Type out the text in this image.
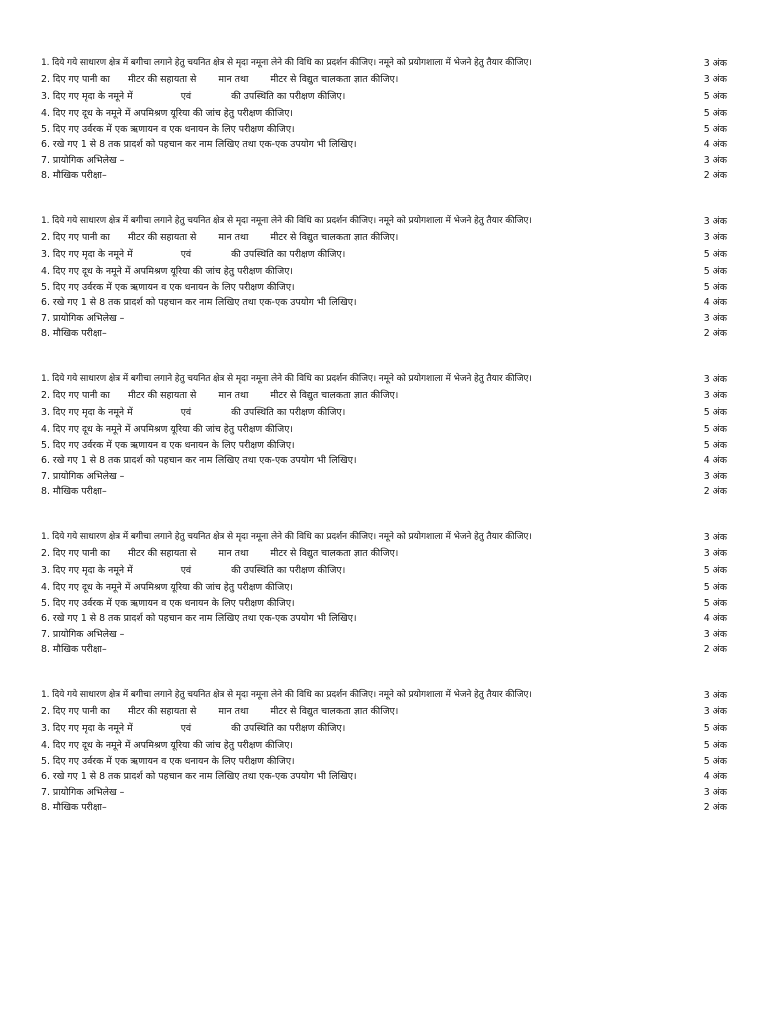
1. दिये गये साधारण क्षेत्र में बगीचा लगाने हेतु चयनित क्षेत्र से मृदा नमूना लेने की विधि का प्रदर्शन कीजिए। नमूने को प्रयोगशाला में भेजने हेतु तैयार कीजिए।	3 अंक
2. दिए गए पानी का मीटर की सहायता से मान तथा मीटर से विद्युत चालकता ज्ञात कीजिए।	3 अंक
3. दिए गए मृदा के नमूने में	एवं	की उपस्थिति का परीक्षण कीजिए।	5 अंक
4. दिए गए दूध के नमूने में अपमिश्रण यूरिया की जांच हेतु परीक्षण कीजिए।	5 अंक
5. दिए गए उर्वरक में एक ऋणायन व एक धनायन के लिए परीक्षण कीजिए।	5 अंक
6. रखे गए 1 से 8 तक प्रादर्श को पहचान कर नाम लिखिए तथा एक-एक उपयोग भी लिखिए।	4 अंक
7. प्रायोगिक अभिलेख –	3 अंक
8. मौखिक परीक्षा–	2 अंक
1. दिये गये साधारण क्षेत्र में बगीचा लगाने हेतु चयनित क्षेत्र से मृदा नमूना लेने की विधि का प्रदर्शन कीजिए। नमूने को प्रयोगशाला में भेजने हेतु तैयार कीजिए।	3 अंक
2. दिए गए पानी का मीटर की सहायता से मान तथा मीटर से विद्युत चालकता ज्ञात कीजिए।	3 अंक
3. दिए गए मृदा के नमूने में	एवं	की उपस्थिति का परीक्षण कीजिए।	5 अंक
4. दिए गए दूध के नमूने में अपमिश्रण यूरिया की जांच हेतु परीक्षण कीजिए।	5 अंक
5. दिए गए उर्वरक में एक ऋणायन व एक धनायन के लिए परीक्षण कीजिए।	5 अंक
6. रखे गए 1 से 8 तक प्रादर्श को पहचान कर नाम लिखिए तथा एक-एक उपयोग भी लिखिए।	4 अंक
7. प्रायोगिक अभिलेख –	3 अंक
8. मौखिक परीक्षा–	2 अंक
1. दिये गये साधारण क्षेत्र में बगीचा लगाने हेतु चयनित क्षेत्र से मृदा नमूना लेने की विधि का प्रदर्शन कीजिए। नमूने को प्रयोगशाला में भेजने हेतु तैयार कीजिए।	3 अंक
2. दिए गए पानी का मीटर की सहायता से मान तथा मीटर से विद्युत चालकता ज्ञात कीजिए।	3 अंक
3. दिए गए मृदा के नमूने में	एवं	की उपस्थिति का परीक्षण कीजिए।	5 अंक
4. दिए गए दूध के नमूने में अपमिश्रण यूरिया की जांच हेतु परीक्षण कीजिए।	5 अंक
5. दिए गए उर्वरक में एक ऋणायन व एक धनायन के लिए परीक्षण कीजिए।	5 अंक
6. रखे गए 1 से 8 तक प्रादर्श को पहचान कर नाम लिखिए तथा एक-एक उपयोग भी लिखिए।	4 अंक
7. प्रायोगिक अभिलेख –	3 अंक
8. मौखिक परीक्षा–	2 अंक
1. दिये गये साधारण क्षेत्र में बगीचा लगाने हेतु चयनित क्षेत्र से मृदा नमूना लेने की विधि का प्रदर्शन कीजिए। नमूने को प्रयोगशाला में भेजने हेतु तैयार कीजिए।	3 अंक
2. दिए गए पानी का मीटर की सहायता से मान तथा मीटर से विद्युत चालकता ज्ञात कीजिए।	3 अंक
3. दिए गए मृदा के नमूने में	एवं	की उपस्थिति का परीक्षण कीजिए।	5 अंक
4. दिए गए दूध के नमूने में अपमिश्रण यूरिया की जांच हेतु परीक्षण कीजिए।	5 अंक
5. दिए गए उर्वरक में एक ऋणायन व एक धनायन के लिए परीक्षण कीजिए।	5 अंक
6. रखे गए 1 से 8 तक प्रादर्श को पहचान कर नाम लिखिए तथा एक-एक उपयोग भी लिखिए।	4 अंक
7. प्रायोगिक अभिलेख –	3 अंक
8. मौखिक परीक्षा–	2 अंक
1. दिये गये साधारण क्षेत्र में बगीचा लगाने हेतु चयनित क्षेत्र से मृदा नमूना लेने की विधि का प्रदर्शन कीजिए। नमूने को प्रयोगशाला में भेजने हेतु तैयार कीजिए।	3 अंक
2. दिए गए पानी का मीटर की सहायता से मान तथा मीटर से विद्युत चालकता ज्ञात कीजिए।	3 अंक
3. दिए गए मृदा के नमूने में	एवं	की उपस्थिति का परीक्षण कीजिए।	5 अंक
4. दिए गए दूध के नमूने में अपमिश्रण यूरिया की जांच हेतु परीक्षण कीजिए।	5 अंक
5. दिए गए उर्वरक में एक ऋणायन व एक धनायन के लिए परीक्षण कीजिए।	5 अंक
6. रखे गए 1 से 8 तक प्रादर्श को पहचान कर नाम लिखिए तथा एक-एक उपयोग भी लिखिए।	4 अंक
7. प्रायोगिक अभिलेख –	3 अंक
8. मौखिक परीक्षा–	2 अंक
